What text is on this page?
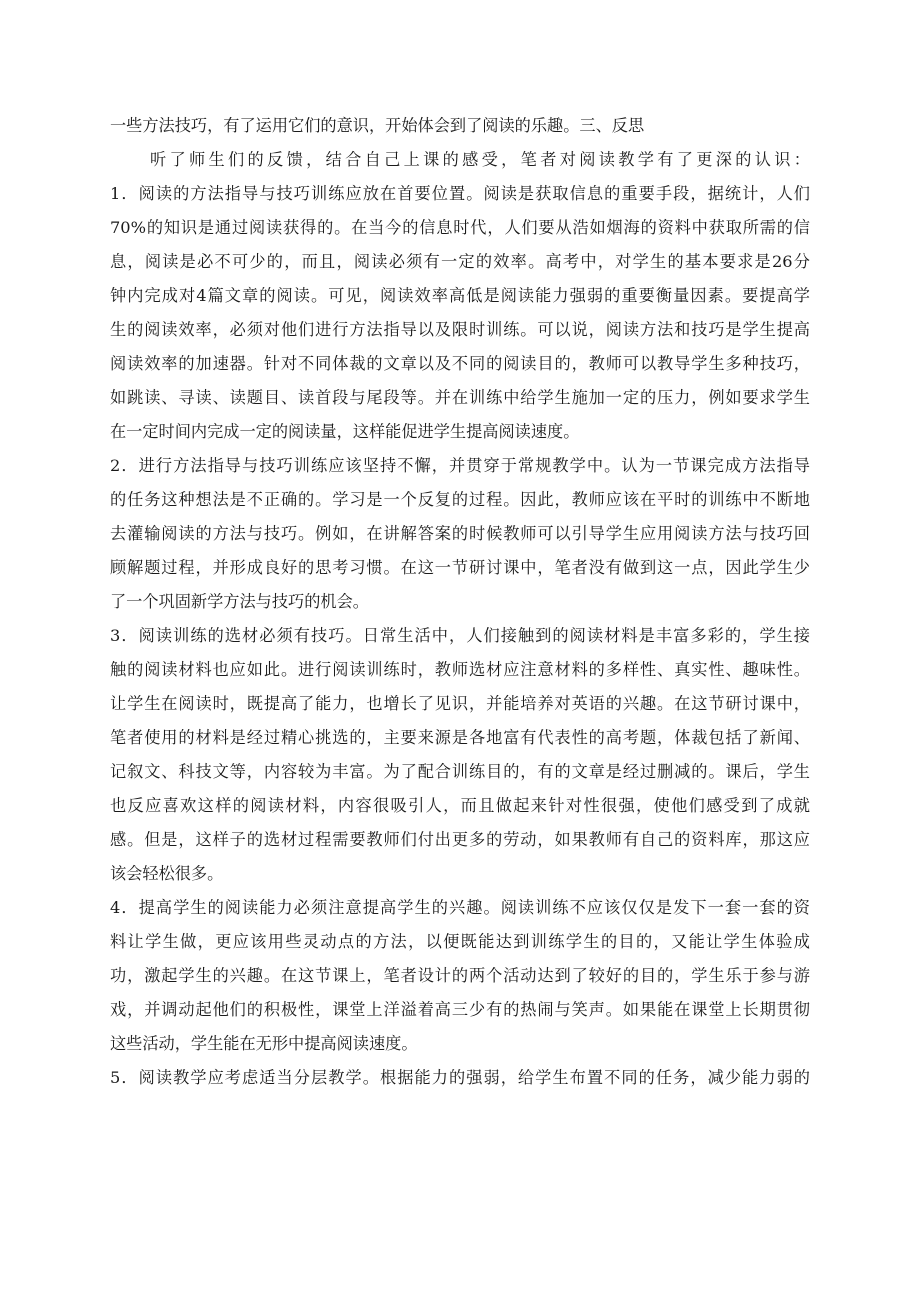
一些方法技巧，有了运用它们的意识，开始体会到了阅读的乐趣。三、反思
听了师生们的反馈，结合自己上课的感受，笔者对阅读教学有了更深的认识：
1．阅读的方法指导与技巧训练应放在首要位置。阅读是获取信息的重要手段，据统计，人们
70%的知识是通过阅读获得的。在当今的信息时代，人们要从浩如烟海的资料中获取所需的信
息，阅读是必不可少的，而且，阅读必须有一定的效率。高考中，对学生的基本要求是26分
钟内完成对4篇文章的阅读。可见，阅读效率高低是阅读能力强弱的重要衡量因素。要提高学
生的阅读效率，必须对他们进行方法指导以及限时训练。可以说，阅读方法和技巧是学生提高
阅读效率的加速器。针对不同体裁的文章以及不同的阅读目的，教师可以教导学生多种技巧，
如跳读、寻读、读题目、读首段与尾段等。并在训练中给学生施加一定的压力，例如要求学生
在一定时间内完成一定的阅读量，这样能促进学生提高阅读速度。
2．进行方法指导与技巧训练应该坚持不懈，并贯穿于常规教学中。认为一节课完成方法指导
的任务这种想法是不正确的。学习是一个反复的过程。因此，教师应该在平时的训练中不断地
去灌输阅读的方法与技巧。例如，在讲解答案的时候教师可以引导学生应用阅读方法与技巧回
顾解题过程，并形成良好的思考习惯。在这一节研讨课中，笔者没有做到这一点，因此学生少
了一个巩固新学方法与技巧的机会。
3．阅读训练的选材必须有技巧。日常生活中，人们接触到的阅读材料是丰富多彩的，学生接
触的阅读材料也应如此。进行阅读训练时，教师选材应注意材料的多样性、真实性、趣味性。
让学生在阅读时，既提高了能力，也增长了见识，并能培养对英语的兴趣。在这节研讨课中，
笔者使用的材料是经过精心挑选的，主要来源是各地富有代表性的高考题，体裁包括了新闻、
记叙文、科技文等，内容较为丰富。为了配合训练目的，有的文章是经过删减的。课后，学生
也反应喜欢这样的阅读材料，内容很吸引人，而且做起来针对性很强，使他们感受到了成就
感。但是，这样子的选材过程需要教师们付出更多的劳动，如果教师有自己的资料库，那这应
该会轻松很多。
4．提高学生的阅读能力必须注意提高学生的兴趣。阅读训练不应该仅仅是发下一套一套的资
料让学生做，更应该用些灵动点的方法，以便既能达到训练学生的目的，又能让学生体验成
功，激起学生的兴趣。在这节课上，笔者设计的两个活动达到了较好的目的，学生乐于参与游
戏，并调动起他们的积极性，课堂上洋溢着高三少有的热闹与笑声。如果能在课堂上长期贯彻
这些活动，学生能在无形中提高阅读速度。
5．阅读教学应考虑适当分层教学。根据能力的强弱，给学生布置不同的任务，减少能力弱的
